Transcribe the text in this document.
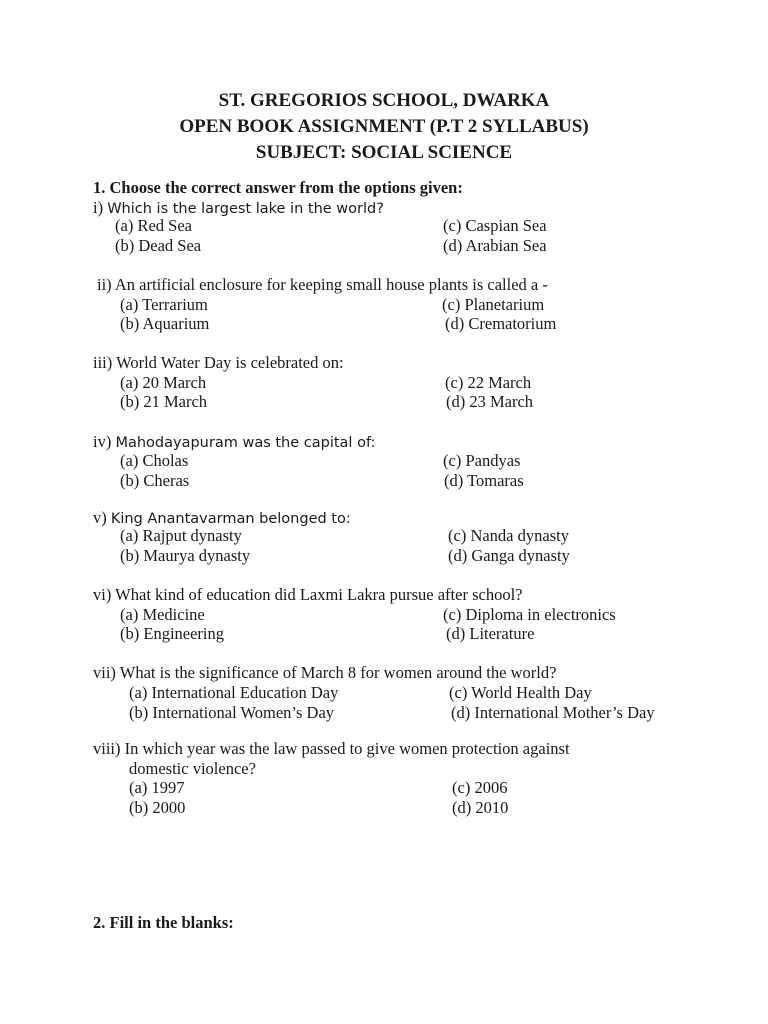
ST. GREGORIOS SCHOOL, DWARKA
OPEN BOOK ASSIGNMENT (P.T 2 SYLLABUS)
SUBJECT: SOCIAL SCIENCE
1. Choose the correct answer from the options given:
i) Which is the largest lake in the world?
(a) Red Sea
(b) Dead Sea
(c) Caspian Sea
(d) Arabian Sea
ii) An artificial enclosure for keeping small house plants is called a -
(a) Terrarium
(b) Aquarium
(c) Planetarium
(d) Crematorium
iii) World Water Day is celebrated on:
(a) 20 March
(b) 21 March
(c) 22 March
(d) 23 March
iv) Mahodayapuram was the capital of:
(a) Cholas
(b) Cheras
(c) Pandyas
(d) Tomaras
v) King Anantavarman belonged to:
(a) Rajput dynasty
(b) Maurya dynasty
(c) Nanda dynasty
(d) Ganga dynasty
vi) What kind of education did Laxmi Lakra pursue after school?
(a) Medicine
(b) Engineering
(c) Diploma in electronics
(d) Literature
vii) What is the significance of March 8 for women around the world?
(a) International Education Day
(b) International Women’s Day
(c) World Health Day
(d) International Mother’s Day
viii) In which year was the law passed to give women protection against
domestic violence?
(a) 1997
(b) 2000
(c) 2006
(d) 2010
2. Fill in the blanks:
